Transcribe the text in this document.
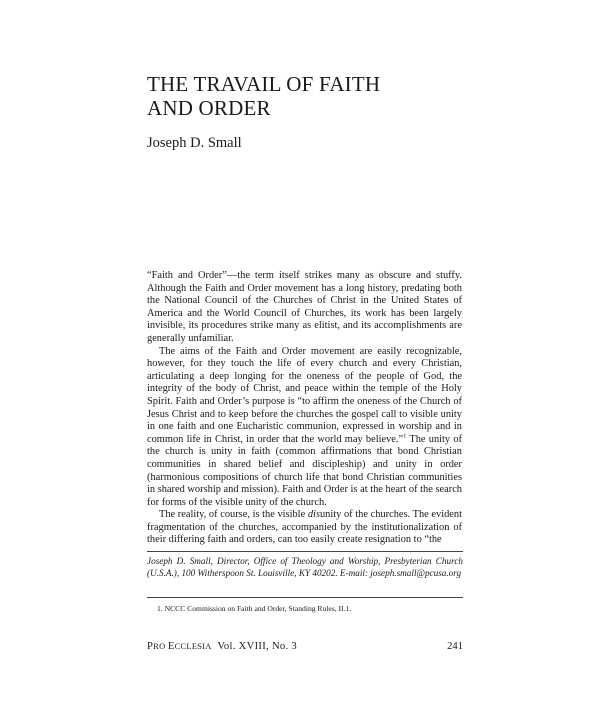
THE TRAVAIL OF FAITH
AND ORDER
Joseph D. Small

“Faith and Order”—the term itself strikes many as obscure and stuffy. Although the Faith and Order movement has a long history, predating both the National Council of the Churches of Christ in the United States of America and the World Council of Churches, its work has been largely invisible, its procedures strike many as elitist, and its accomplishments are generally unfamiliar.

The aims of the Faith and Order movement are easily recognizable, however, for they touch the life of every church and every Christian, articulating a deep longing for the oneness of the people of God, the integrity of the body of Christ, and peace within the temple of the Holy Spirit. Faith and Order’s purpose is “to affirm the oneness of the Church of Jesus Christ and to keep before the churches the gospel call to visible unity in one faith and one Eucharistic communion, expressed in worship and in common life in Christ, in order that the world may believe.”$^1$ The unity of the church is unity in faith (common affirmations that bond Christian communities in shared belief and discipleship) and unity in order (harmonious compositions of church life that bond Christian communities in shared worship and mission). Faith and Order is at the heart of the search for forms of the visible unity of the church.

The reality, of course, is the visible disunity of the churches. The evident fragmentation of the churches, accompanied by the institutionalization of their differing faith and orders, can too easily create resignation to “the

Joseph D. Small, Director, Office of Theology and Worship, Presbyterian Church (U.S.A.), 100 Witherspoon St. Louisville, KY 40202. E-mail: joseph.small@pcusa.org
1. NCCC Commission on Faith and Order, Standing Rules, II.1.
PRO ECCLESIA Vol. XVIII, No. 3	241
